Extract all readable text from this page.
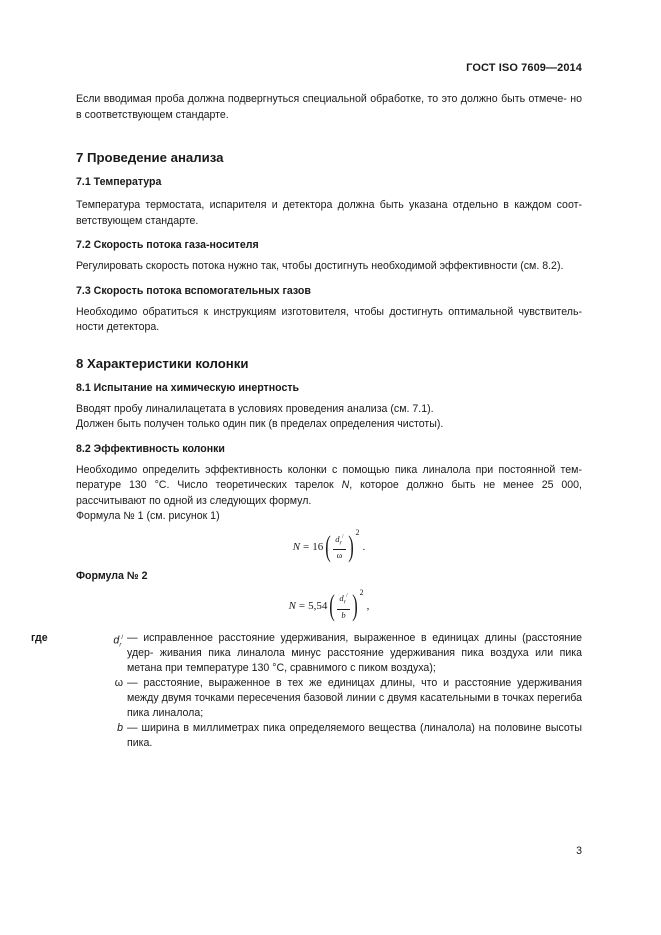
ГОСТ ISO 7609—2014

Если вводимая проба должна подвергнуться специальной обработке, то это должно быть отмече- но в соответствующем стандарте.

7 Проведение анализа
7.1 Температура

Температура термостата, испарителя и детектора должна быть указана отдельно в каждом соот- ветствующем стандарте.

7.2 Скорость потока газа-носителя

Регулировать скорость потока нужно так, чтобы достигнуть необходимой эффективности (см. 8.2).

7.3 Скорость потока вспомогательных газов

Необходимо обратиться к инструкциям изготовителя, чтобы достигнуть оптимальной чувствитель- ности детектора.

8 Характеристики колонки
8.1 Испытание на химическую инертность

Вводят пробу линалилацетата в условиях проведения анализа (см. 7.1).

Должен быть получен только один пик (в пределах определения чистоты).

8.2 Эффективность колонки

Необходимо определить эффективность колонки с помощью пика линалола при постоянной тем- пературе 130 °С. Число теоретических тарелок N, которое должно быть не менее 25 000, рассчитывают по одной из следующих формул.

Формула № 1 (см. рисунок 1)

N = 16 ( $\frac{d_r^/}{\omega}$ ) 2
.

Формула № 2

N = 5,54 ( $\frac{d_r^/}{b}$ ) 2
,
где	$d_r^/$ — исправленное расстояние удерживания, выраженное в единицах длины (расстояние удер- живания пика линалола минус расстояние удерживания пика воздуха или пика метана при температуре 130 °С, сравнимого с пиком воздуха);
ω — расстояние, выраженное в тех же единицах длины, что и расстояние удерживания между двумя точками пересечения базовой линии с двумя касательными в точках перегиба пика линалола;
b — ширина в миллиметрах пика определяемого вещества (линалола) на половине высоты пика.
3
